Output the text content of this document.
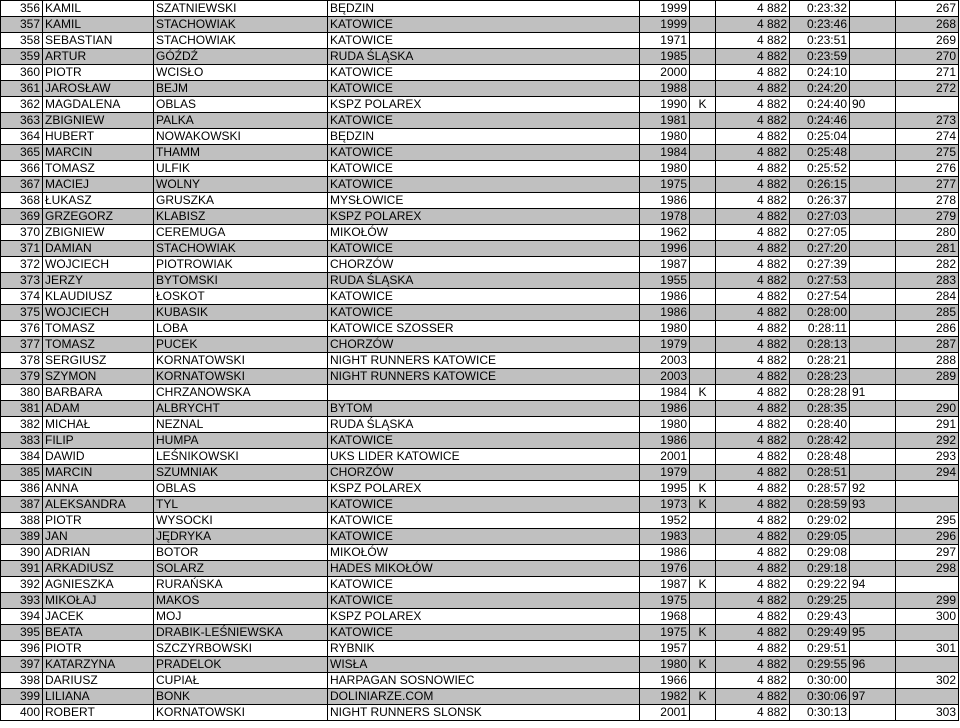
356	KAMIL	SZATNIEWSKI	BĘDZIN	1999		4 882	0:23:32		267
357	KAMIL	STACHOWIAK	KATOWICE	1999		4 882	0:23:46		268
358	SEBASTIAN	STACHOWIAK	KATOWICE	1971		4 882	0:23:51		269
359	ARTUR	GÓŹDŹ	RUDA ŚLĄSKA	1985		4 882	0:23:59		270
360	PIOTR	WCISŁO	KATOWICE	2000		4 882	0:24:10		271
361	JAROSŁAW	BEJM	KATOWICE	1988		4 882	0:24:20		272
362	MAGDALENA	OBLAS	KSPZ POLAREX	1990	K	4 882	0:24:40	90	
363	ZBIGNIEW	PALKA	KATOWICE	1981		4 882	0:24:46		273
364	HUBERT	NOWAKOWSKI	BĘDZIN	1980		4 882	0:25:04		274
365	MARCIN	THAMM	KATOWICE	1984		4 882	0:25:48		275
366	TOMASZ	ULFIK	KATOWICE	1980		4 882	0:25:52		276
367	MACIEJ	WOLNY	KATOWICE	1975		4 882	0:26:15		277
368	ŁUKASZ	GRUSZKA	MYSŁOWICE	1986		4 882	0:26:37		278
369	GRZEGORZ	KLABISZ	KSPZ POLAREX	1978		4 882	0:27:03		279
370	ZBIGNIEW	CEREMUGA	MIKOŁÓW	1962		4 882	0:27:05		280
371	DAMIAN	STACHOWIAK	KATOWICE	1996		4 882	0:27:20		281
372	WOJCIECH	PIOTROWIAK	CHORZÓW	1987		4 882	0:27:39		282
373	JERZY	BYTOMSKI	RUDA ŚLĄSKA	1955		4 882	0:27:53		283
374	KLAUDIUSZ	ŁOSKOT	KATOWICE	1986		4 882	0:27:54		284
375	WOJCIECH	KUBASIK	KATOWICE	1986		4 882	0:28:00		285
376	TOMASZ	LOBA	KATOWICE SZOSSER	1980		4 882	0:28:11		286
377	TOMASZ	PUCEK	CHORZÓW	1979		4 882	0:28:13		287
378	SERGIUSZ	KORNATOWSKI	NIGHT RUNNERS KATOWICE	2003		4 882	0:28:21		288
379	SZYMON	KORNATOWSKI	NIGHT RUNNERS KATOWICE	2003		4 882	0:28:23		289
380	BARBARA	CHRZANOWSKA		1984	K	4 882	0:28:28	91	
381	ADAM	ALBRYCHT	BYTOM	1986		4 882	0:28:35		290
382	MICHAŁ	NEZNAL	RUDA ŚLĄSKA	1980		4 882	0:28:40		291
383	FILIP	HUMPA	KATOWICE	1986		4 882	0:28:42		292
384	DAWID	LEŚNIKOWSKI	UKS LIDER KATOWICE	2001		4 882	0:28:48		293
385	MARCIN	SZUMNIAK	CHORZÓW	1979		4 882	0:28:51		294
386	ANNA	OBLAS	KSPZ POLAREX	1995	K	4 882	0:28:57	92	
387	ALEKSANDRA	TYL	KATOWICE	1973	K	4 882	0:28:59	93	
388	PIOTR	WYSOCKI	KATOWICE	1952		4 882	0:29:02		295
389	JAN	JĘDRYKA	KATOWICE	1983		4 882	0:29:05		296
390	ADRIAN	BOTOR	MIKOŁÓW	1986		4 882	0:29:08		297
391	ARKADIUSZ	SOLARZ	HADES MIKOŁÓW	1976		4 882	0:29:18		298
392	AGNIESZKA	RURAŃSKA	KATOWICE	1987	K	4 882	0:29:22	94	
393	MIKOŁAJ	MAKOS	KATOWICE	1975		4 882	0:29:25		299
394	JACEK	MOJ	KSPZ POLAREX	1968		4 882	0:29:43		300
395	BEATA	DRABIK-LEŚNIEWSKA	KATOWICE	1975	K	4 882	0:29:49	95	
396	PIOTR	SZCZYRBOWSKI	RYBNIK	1957		4 882	0:29:51		301
397	KATARZYNA	PRADELOK	WISŁA	1980	K	4 882	0:29:55	96	
398	DARIUSZ	CUPIAŁ	HARPAGAN SOSNOWIEC	1966		4 882	0:30:00		302
399	LILIANA	BONK	DOLINIARZE.COM	1982	K	4 882	0:30:06	97	
400	ROBERT	KORNATOWSKI	NIGHT RUNNERS SLONSK	2001		4 882	0:30:13		303
